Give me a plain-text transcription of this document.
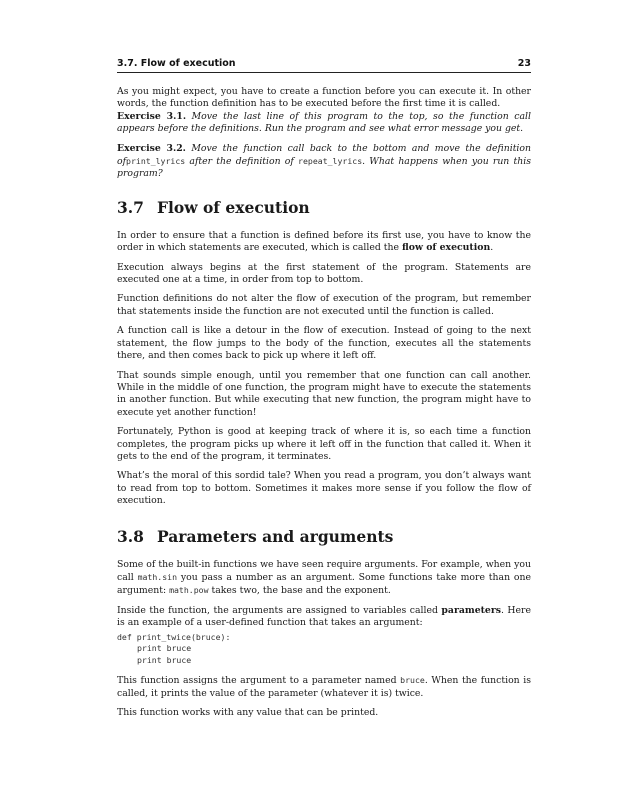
3.7. Flow of execution	23

As you might expect, you have to create a function before you can execute it. In other words, the function definition has to be executed before the first time it is called.

Exercise 3.1. Move the last line of this program to the top, so the function call appears before the definitions. Run the program and see what error message you get.

Exercise 3.2. Move the function call back to the bottom and move the definition ofprint_lyrics after the definition of repeat_lyrics. What happens when you run this program?

3.7 Flow of execution

In order to ensure that a function is defined before its first use, you have to know the order in which statements are executed, which is called the flow of execution.

Execution always begins at the first statement of the program. Statements are executed one at a time, in order from top to bottom.

Function definitions do not alter the flow of execution of the program, but remember that statements inside the function are not executed until the function is called.

A function call is like a detour in the flow of execution. Instead of going to the next statement, the flow jumps to the body of the function, executes all the statements there, and then comes back to pick up where it left off.

That sounds simple enough, until you remember that one function can call another. While in the middle of one function, the program might have to execute the statements in another function. But while executing that new function, the program might have to execute yet another function!

Fortunately, Python is good at keeping track of where it is, so each time a function completes, the program picks up where it left off in the function that called it. When it gets to the end of the program, it terminates.

What’s the moral of this sordid tale? When you read a program, you don’t always want to read from top to bottom. Sometimes it makes more sense if you follow the flow of execution.

3.8 Parameters and arguments

Some of the built-in functions we have seen require arguments. For example, when you call math.sin you pass a number as an argument. Some functions take more than one argument: math.pow takes two, the base and the exponent.

Inside the function, the arguments are assigned to variables called parameters. Here is an example of a user-defined function that takes an argument:

def print_twice(bruce):
print bruce
print bruce

This function assigns the argument to a parameter named bruce. When the function is called, it prints the value of the parameter (whatever it is) twice.

This function works with any value that can be printed.
